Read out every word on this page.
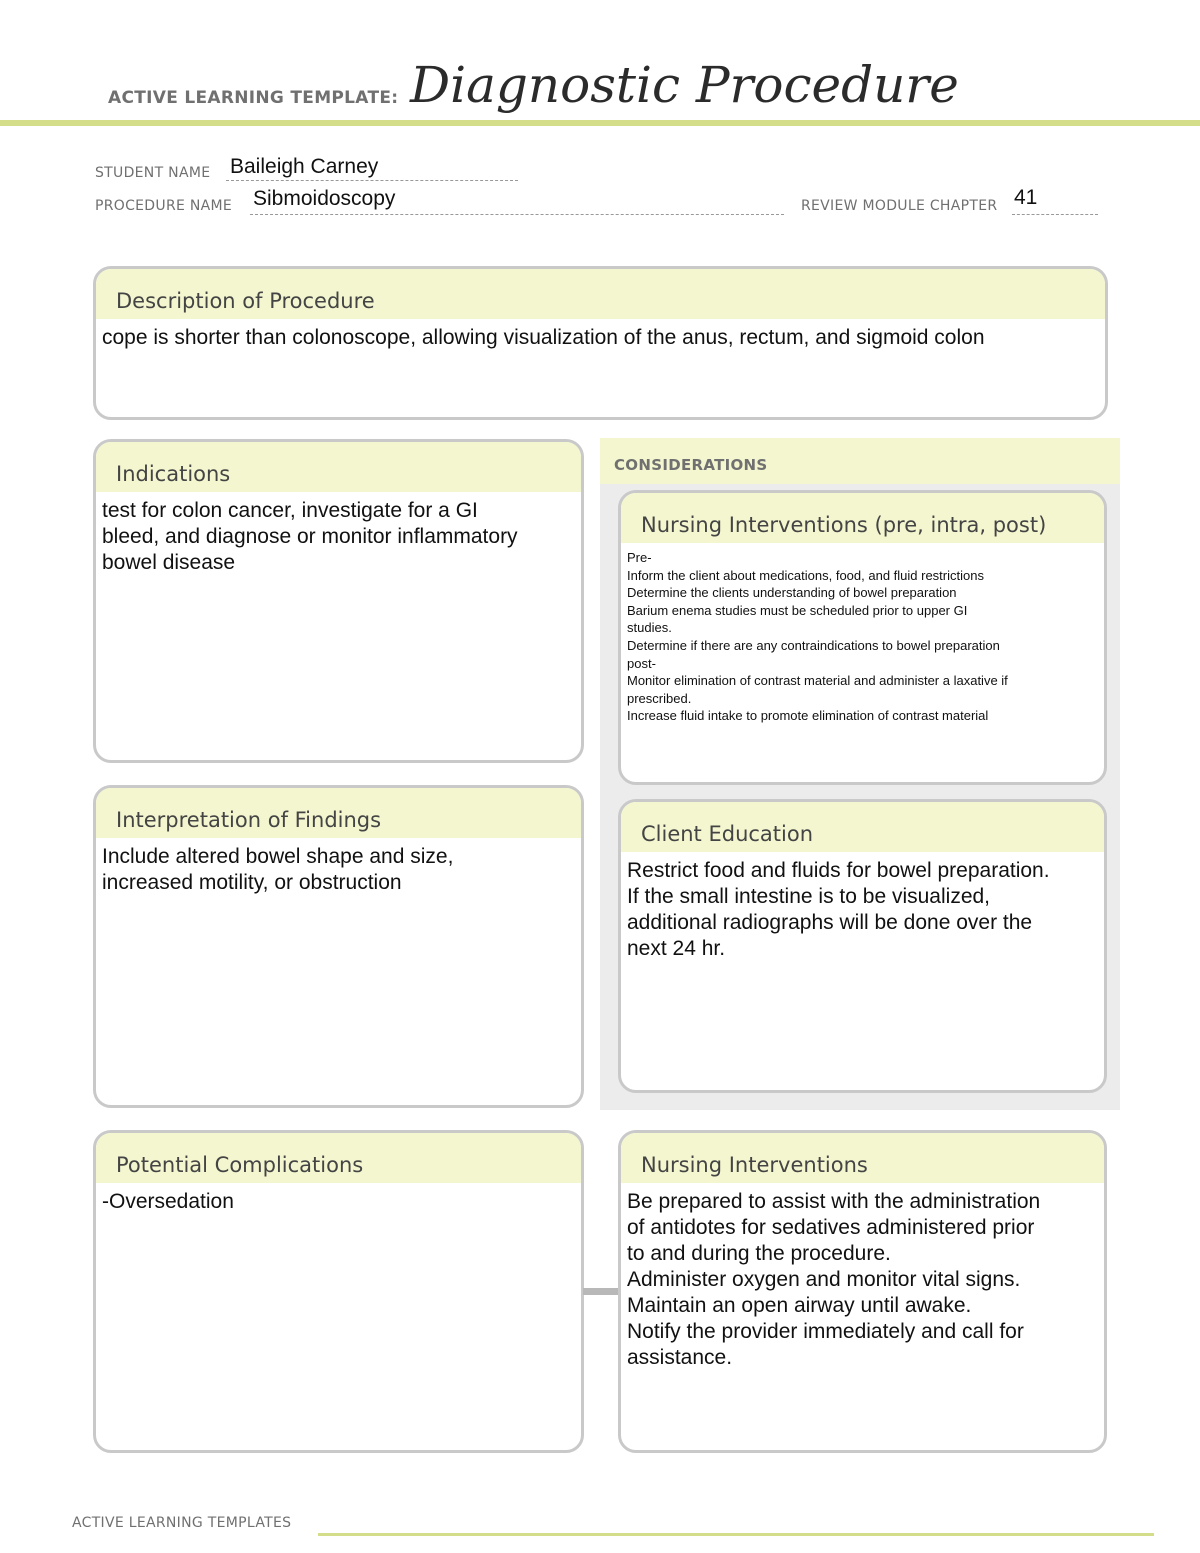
ACTIVE LEARNING TEMPLATE: Diagnostic Procedure
STUDENT NAME Baileigh Carney
PROCEDURE NAME Sibmoidoscopy	REVIEW MODULE CHAPTER 41
Description of Procedure

cope is shorter than colonoscope, allowing visualization of the anus, rectum, and sigmoid colon

Indications

test for colon cancer, investigate for a GI

bleed, and diagnose or monitor inflammatory

bowel disease

CONSIDERATIONS
Nursing Interventions (pre, intra, post)

Pre-

Inform the client about medications, food, and fluid restrictions

Determine the clients understanding of bowel preparation

Barium enema studies must be scheduled prior to upper GI

studies.

Determine if there are any contraindications to bowel preparation

post-

Monitor elimination of contrast material and administer a laxative if

prescribed.

Increase fluid intake to promote elimination of contrast material

Interpretation of Findings

Include altered bowel shape and size,

increased motility, or obstruction

Client Education

Restrict food and fluids for bowel preparation.

If the small intestine is to be visualized,

additional radiographs will be done over the

next 24 hr.

Potential Complications

-Oversedation

Nursing Interventions

Be prepared to assist with the administration

of antidotes for sedatives administered prior

to and during the procedure.

Administer oxygen and monitor vital signs.

Maintain an open airway until awake.

Notify the provider immediately and call for

assistance.

ACTIVE LEARNING TEMPLATES
